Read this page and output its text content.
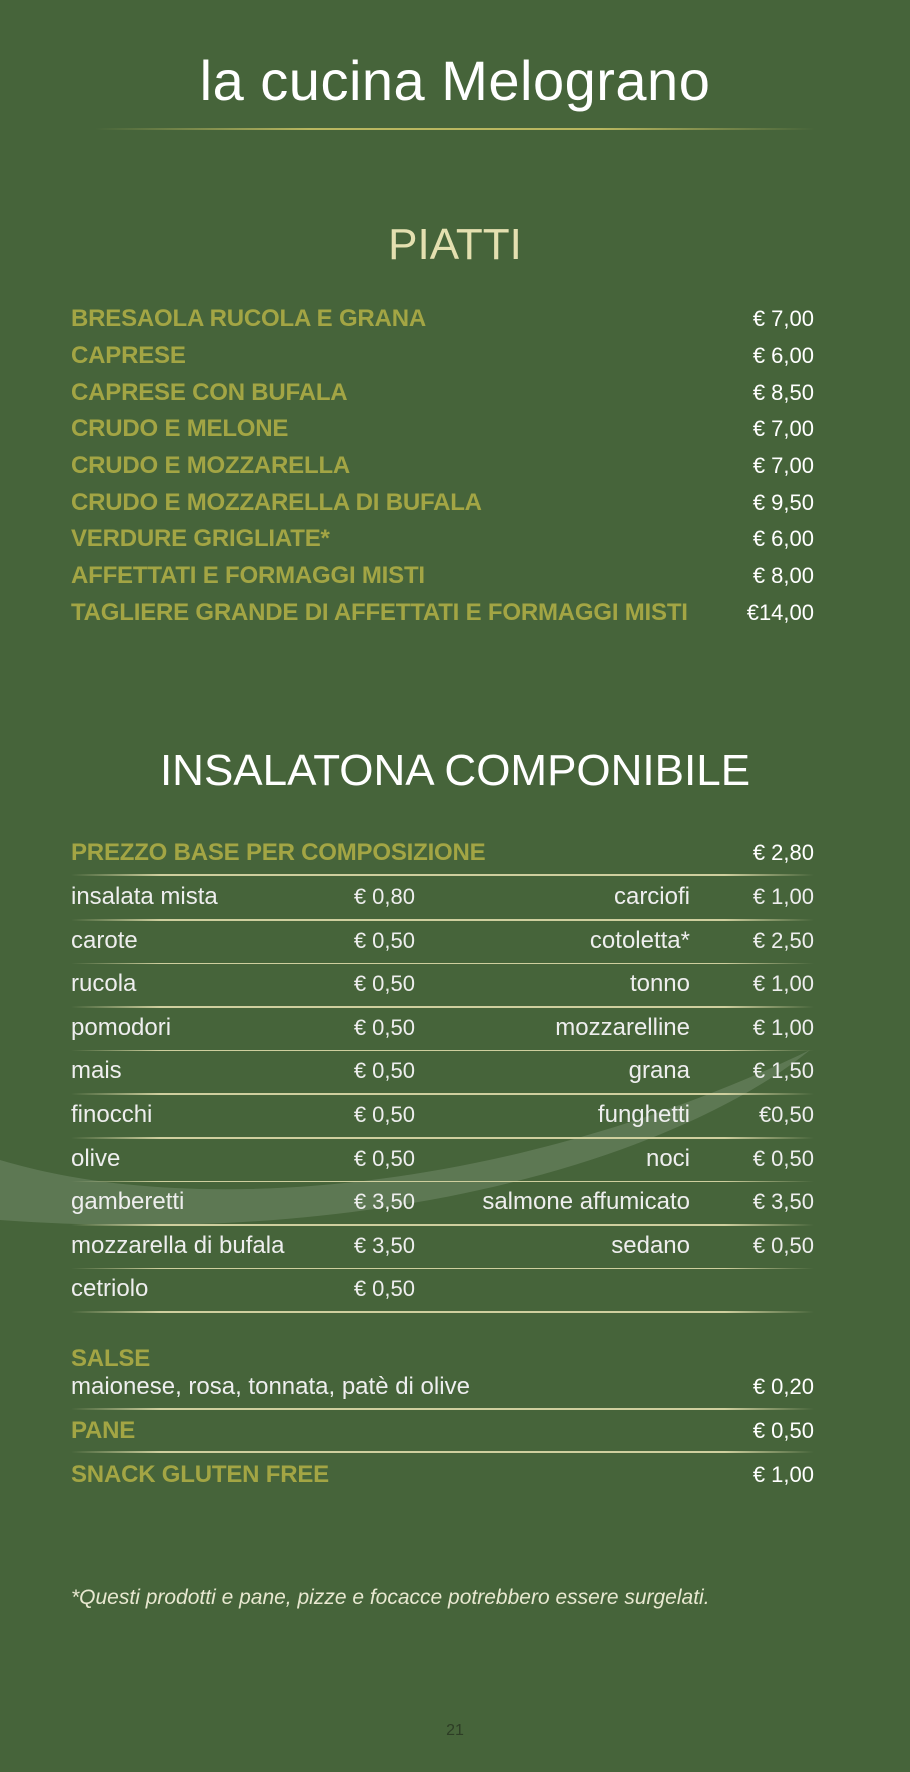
la cucina Melograno
PIATTI
BRESAOLA RUCOLA E GRANA	€ 7,00
CAPRESE	€ 6,00
CAPRESE CON BUFALA	€ 8,50
CRUDO E MELONE	€ 7,00
CRUDO E MOZZARELLA	€ 7,00
CRUDO E MOZZARELLA DI BUFALA	€ 9,50
VERDURE GRIGLIATE*	€ 6,00
AFFETTATI E FORMAGGI MISTI	€ 8,00
TAGLIERE GRANDE DI AFFETTATI E FORMAGGI MISTI	€14,00
INSALATONA COMPONIBILE
PREZZO BASE PER COMPOSIZIONE	€ 2,80
insalata mista	€ 0,80	carciofi	€ 1,00
carote	€ 0,50	cotoletta*	€ 2,50
rucola	€ 0,50	tonno	€ 1,00
pomodori	€ 0,50	mozzarelline	€ 1,00
mais	€ 0,50	grana	€ 1,50
finocchi	€ 0,50	funghetti	€0,50
olive	€ 0,50	noci	€ 0,50
gamberetti	€ 3,50	salmone affumicato	€ 3,50
mozzarella di bufala	€ 3,50	sedano	€ 0,50
cetriolo	€ 0,50
SALSE
maionese, rosa, tonnata, patè di olive	€ 0,20
PANE	€ 0,50
SNACK GLUTEN FREE	€ 1,00
*Questi prodotti e pane, pizze e focacce potrebbero essere surgelati.
21
